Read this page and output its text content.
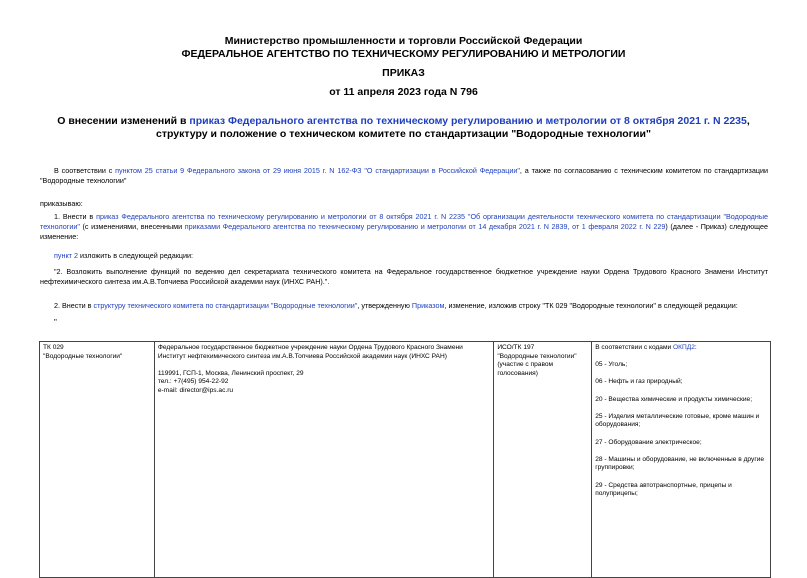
Министерство промышленности и торговли Российской Федерации
ФЕДЕРАЛЬНОЕ АГЕНТСТВО ПО ТЕХНИЧЕСКОМУ РЕГУЛИРОВАНИЮ И МЕТРОЛОГИИ
ПРИКАЗ
от 11 апреля 2023 года N 796
О внесении изменений в приказ Федерального агентства по техническому регулированию и метрологии от 8 октября 2021 г. N 2235, структуру и положение о техническом комитете по стандартизации "Водородные технологии"
В соответствии с пунктом 25 статьи 9 Федерального закона от 29 июня 2015 г. N 162-ФЗ "О стандартизации в Российской Федерации", а также по согласованию с техническим комитетом по стандартизации "Водородные технологии"
приказываю:
1. Внести в приказ Федерального агентства по техническому регулированию и метрологии от 8 октября 2021 г. N 2235 "Об организации деятельности технического комитета по стандартизации "Водородные технологии" (с изменениями, внесенными приказами Федерального агентства по техническому регулированию и метрологии от 14 декабря 2021 г. N 2839, от 1 февраля 2022 г. N 229) (далее - Приказ) следующее изменение:
пункт 2 изложить в следующей редакции:
"2. Возложить выполнение функций по ведению дел секретариата технического комитета на Федеральное государственное бюджетное учреждение науки Ордена Трудового Красного Знамени Институт нефтехимического синтеза им.А.В.Топчиева Российской академии наук (ИНХС РАН).".
2. Внести в структуру технического комитета по стандартизации "Водородные технологии", утвержденную Приказом, изменение, изложив строку "ТК 029 "Водородные технологии" в следующей редакции:
"
ТК 029
"Водородные технологии"

Федеральное государственное бюджетное учреждение науки Ордена Трудового Красного Знамени Институт нефтехимического синтеза им.А.В.Топчиева Российской академии наук (ИНХС РАН)
119991, ГСП-1, Москва, Ленинский проспект, 29
тел.: +7(495) 954-22-92
e-mail: director@ips.ac.ru

ИСО/ТК 197
"Водородные технологии"
(участие с правом голосования)

В соответствии с кодами ОКПД2:
05 - Уголь;
06 - Нефть и газ природный;
20 - Вещества химические и продукты химические;
25 - Изделия металлические готовые, кроме машин и оборудования;
27 - Оборудование электрическое;
28 - Машины и оборудование, не включенные в другие группировки;
29 - Средства автотранспортные, прицепы и полуприцепы;
